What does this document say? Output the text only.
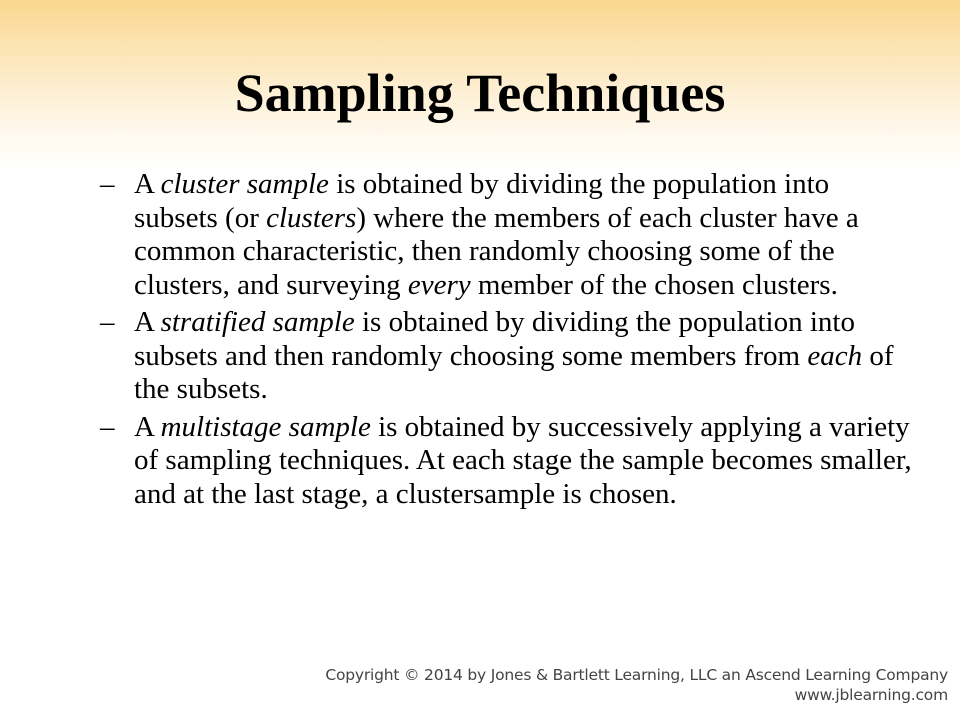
Sampling Techniques
– A cluster sample is obtained by dividing the population into subsets (or clusters) where the members of each cluster have a common characteristic, then randomly choosing some of the clusters, and surveying every member of the chosen clusters.
– A stratified sample is obtained by dividing the population into subsets and then randomly choosing some members from each of the subsets.
– A multistage sample is obtained by successively applying a variety of sampling techniques. At each stage the sample becomes smaller, and at the last stage, a clustersample is chosen.
Copyright © 2014 by Jones & Bartlett Learning, LLC an Ascend Learning Company
www.jblearning.com
